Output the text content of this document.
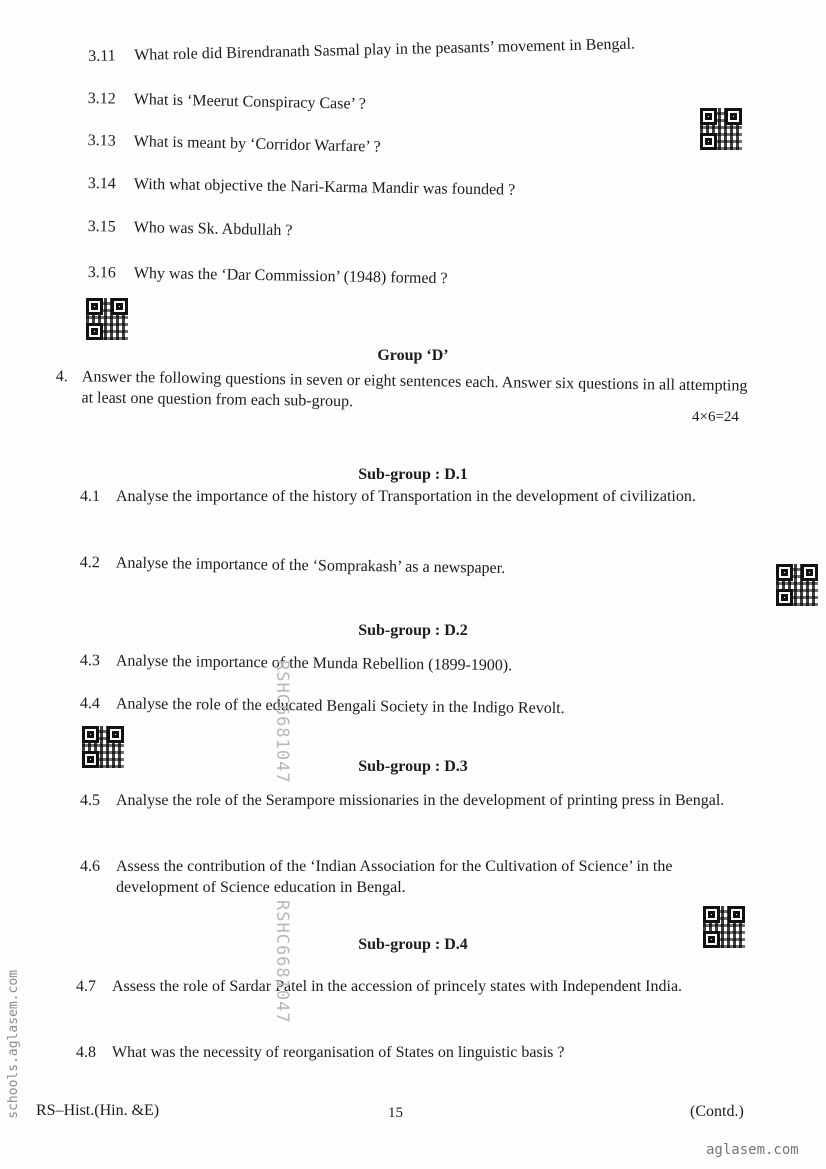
3.11	What role did Birendranath Sasmal play in the peasants’ movement in Bengal.
3.12	What is ‘Meerut Conspiracy Case’ ?
3.13	What is meant by ‘Corridor Warfare’ ?
3.14	With what objective the Nari-Karma Mandir was founded ?
3.15	Who was Sk. Abdullah ?
3.16	Why was the ‘Dar Commission’ (1948) formed ?
Group ‘D’
4. Answer the following questions in seven or eight sentences each. Answer six questions in all attempting at least one question from each sub-group.
4×6=24
Sub-group : D.1
4.1	Analyse the importance of the history of Transportation in the development of civilization.
4.2 Analyse the importance of the ‘Somprakash’ as a newspaper.
Sub-group : D.2
4.3 Analyse the importance of the Munda Rebellion (1899-1900).
4.4 Analyse the role of the educated Bengali Society in the Indigo Revolt.
Sub-group : D.3
4.5	Analyse the role of the Serampore missionaries in the development of printing press in Bengal.
4.6	Assess the contribution of the ‘Indian Association for the Cultivation of Science’ in the development of Science education in Bengal.
Sub-group : D.4
4.7	Assess the role of Sardar Patel in the accession of princely states with Independent India.
4.8	What was the necessity of reorganisation of States on linguistic basis ?
RSHC6681047
RSHC6681047
schools.aglasem.com RS–Hist.(Hin. &E)	15	(Contd.)
aglasem.com
